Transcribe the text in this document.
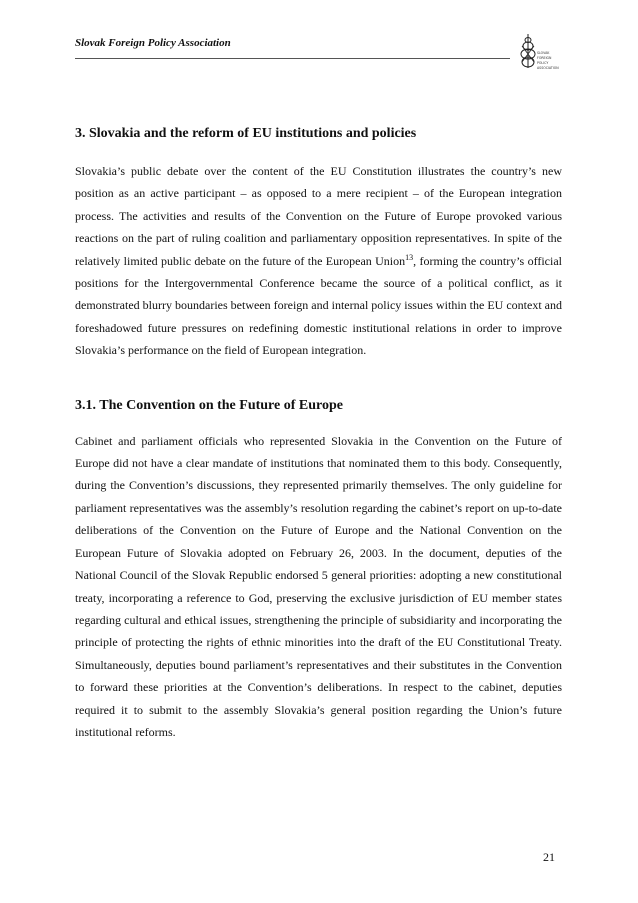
Slovak Foreign Policy Association
SLOVAK
FOREIGN
POLICY
ASSOCIATION
3. Slovakia and the reform of EU institutions and policies

Slovakia’s public debate over the content of the EU Constitution illustrates the country’s new position as an active participant – as opposed to a mere recipient – of the European integration process. The activities and results of the Convention on the Future of Europe provoked various reactions on the part of ruling coalition and parliamentary opposition representatives. In spite of the relatively limited public debate on the future of the European Union$^{13}$, forming the country’s official positions for the Intergovernmental Conference became the source of a political conflict, as it demonstrated blurry boundaries between foreign and internal policy issues within the EU context and foreshadowed future pressures on redefining domestic institutional relations in order to improve Slovakia’s performance on the field of European integration.

3.1. The Convention on the Future of Europe

Cabinet and parliament officials who represented Slovakia in the Convention on the Future of Europe did not have a clear mandate of institutions that nominated them to this body. Consequently, during the Convention’s discussions, they represented primarily themselves. The only guideline for parliament representatives was the assembly’s resolution regarding the cabinet’s report on up-to-date deliberations of the Convention on the Future of Europe and the National Convention on the European Future of Slovakia adopted on February 26, 2003. In the document, deputies of the National Council of the Slovak Republic endorsed 5 general priorities: adopting a new constitutional treaty, incorporating a reference to God, preserving the exclusive jurisdiction of EU member states regarding cultural and ethical issues, strengthening the principle of subsidiarity and incorporating the principle of protecting the rights of ethnic minorities into the draft of the EU Constitutional Treaty. Simultaneously, deputies bound parliament’s representatives and their substitutes in the Convention to forward these priorities at the Convention’s deliberations. In respect to the cabinet, deputies required it to submit to the assembly Slovakia’s general position regarding the Union’s future institutional reforms.

21
